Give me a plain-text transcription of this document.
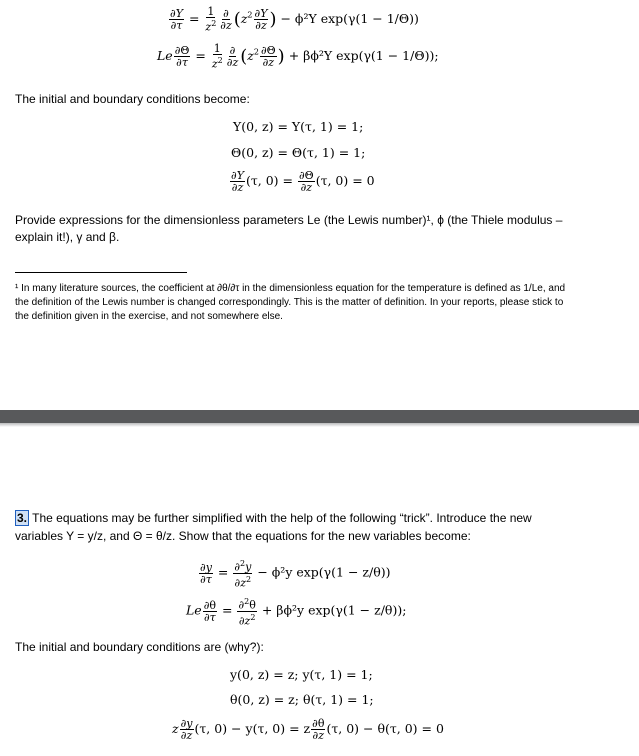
$\frac{\partial Y}{\partial\tau} = \frac{1}{z^2} \frac{\partial}{\partial z} (z^2 \frac{\partial Y}{\partial z}$ ) − ϕ²Y exp(γ(1 − 1/Θ))
Le $\frac{\partial\Theta}{\partial\tau} = \frac{1}{z^2} \frac{\partial}{\partial z} (z^2 \frac{\partial\Theta}{\partial z}$ ) + βϕ²Y exp(γ(1 − 1/Θ));
The initial and boundary conditions become:
Y(0, z) = Y(τ, 1) = 1;
Θ(0, z) = Θ(τ, 1) = 1;
$\frac{\partial Y}{\partial z} (\tau$, $0) = \frac{\partial\Theta}{\partial z} (\tau$, 0) = 0
Provide expressions for the dimensionless parameters Le (the Lewis number)¹, ϕ (the Thiele modulus –
explain it!), γ and β.
¹ In many literature sources, the coefficient at ∂θ/∂τ in the dimensionless equation for the temperature is defined as 1/Le, and the definition of the Lewis number is changed correspondingly. This is the matter of definition. In your reports, please stick to the definition given in the exercise, and not somewhere else.
3. The equations may be further simplified with the help of the following “trick”. Introduce the new
variables Y = y/z, and Θ = θ/z. Show that the equations for the new variables become:
$\frac{\partial y}{\partial\tau} = \frac{\partial^2y}{\partial z^2} - \phi^2y$ exp(γ(1 − z/θ))
Le $\frac{\partial\theta}{\partial\tau} = \frac{\partial^2\theta}{\partial z^2} + \beta\phi^2y$ exp(γ(1 − z/θ));
The initial and boundary conditions are (why?):
y(0, z) = z; y(τ, 1) = 1;
θ(0, z) = z; θ(τ, 1) = 1;
z $\frac{\partial y}{\partial z} (\tau$, 0) − y(τ, 0) = z $\frac{\partial\theta}{\partial z} (\tau$, 0) − θ(τ, 0) = 0
